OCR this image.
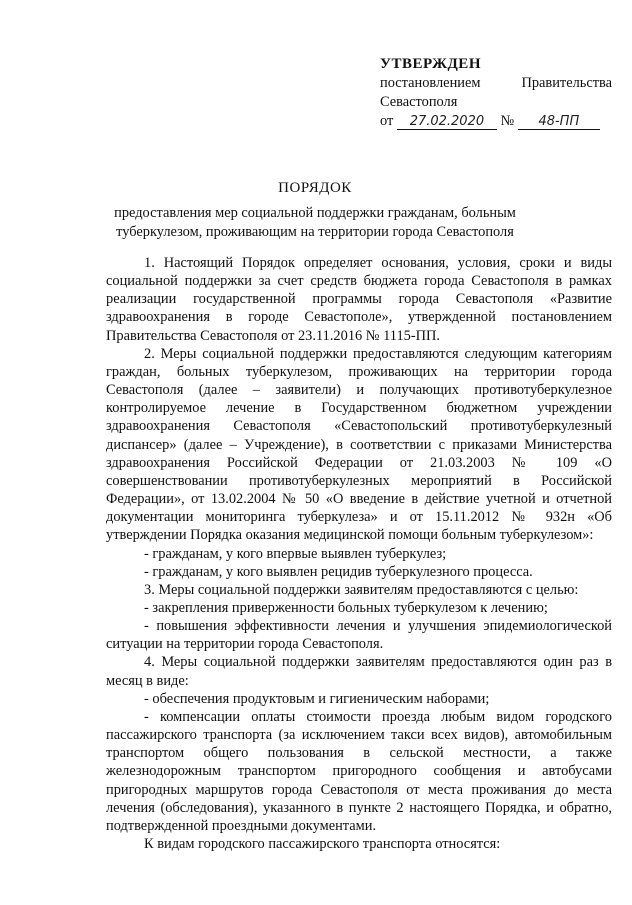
УТВЕРЖДЕН
постановлением	Правительства
Севастополя
от 27.02.2020 № 48-ПП
ПОРЯДОК
предоставления мер социальной поддержки гражданам, больным
туберкулезом, проживающим на территории города Севастополя

1. Настоящий Порядок определяет основания, условия, сроки и виды социальной поддержки за счет средств бюджета города Севастополя в рамках реализации государственной программы города Севастополя «Развитие здравоохранения в городе Севастополе», утвержденной постановлением Правительства Севастополя от 23.11.2016 № 1115-ПП.

2. Меры социальной поддержки предоставляются следующим категориям граждан, больных туберкулезом, проживающих на территории города Севастополя (далее – заявители) и получающих противотуберкулезное контролируемое лечение в Государственном бюджетном учреждении здравоохранения Севастополя «Севастопольский противотуберкулезный диспансер» (далее – Учреждение), в соответствии с приказами Министерства здравоохранения Российской Федерации от 21.03.2003 № 109 «О совершенствовании противотуберкулезных мероприятий в Российской Федерации», от 13.02.2004 № 50 «О введение в действие учетной и отчетной документации мониторинга туберкулеза» и от 15.11.2012 № 932н «Об утверждении Порядка оказания медицинской помощи больным туберкулезом»:

- гражданам, у кого впервые выявлен туберкулез;

- гражданам, у кого выявлен рецидив туберкулезного процесса.

3. Меры социальной поддержки заявителям предоставляются с целью:

- закрепления приверженности больных туберкулезом к лечению;

- повышения эффективности лечения и улучшения эпидемиологической ситуации на территории города Севастополя.

4. Меры социальной поддержки заявителям предоставляются один раз в месяц в виде:

- обеспечения продуктовым и гигиеническим наборами;

- компенсации оплаты стоимости проезда любым видом городского пассажирского транспорта (за исключением такси всех видов), автомобильным транспортом общего пользования в сельской местности, а также железнодорожным транспортом пригородного сообщения и автобусами пригородных маршрутов города Севастополя от места проживания до места лечения (обследования), указанного в пункте 2 настоящего Порядка, и обратно, подтвержденной проездными документами.

К видам городского пассажирского транспорта относятся:
